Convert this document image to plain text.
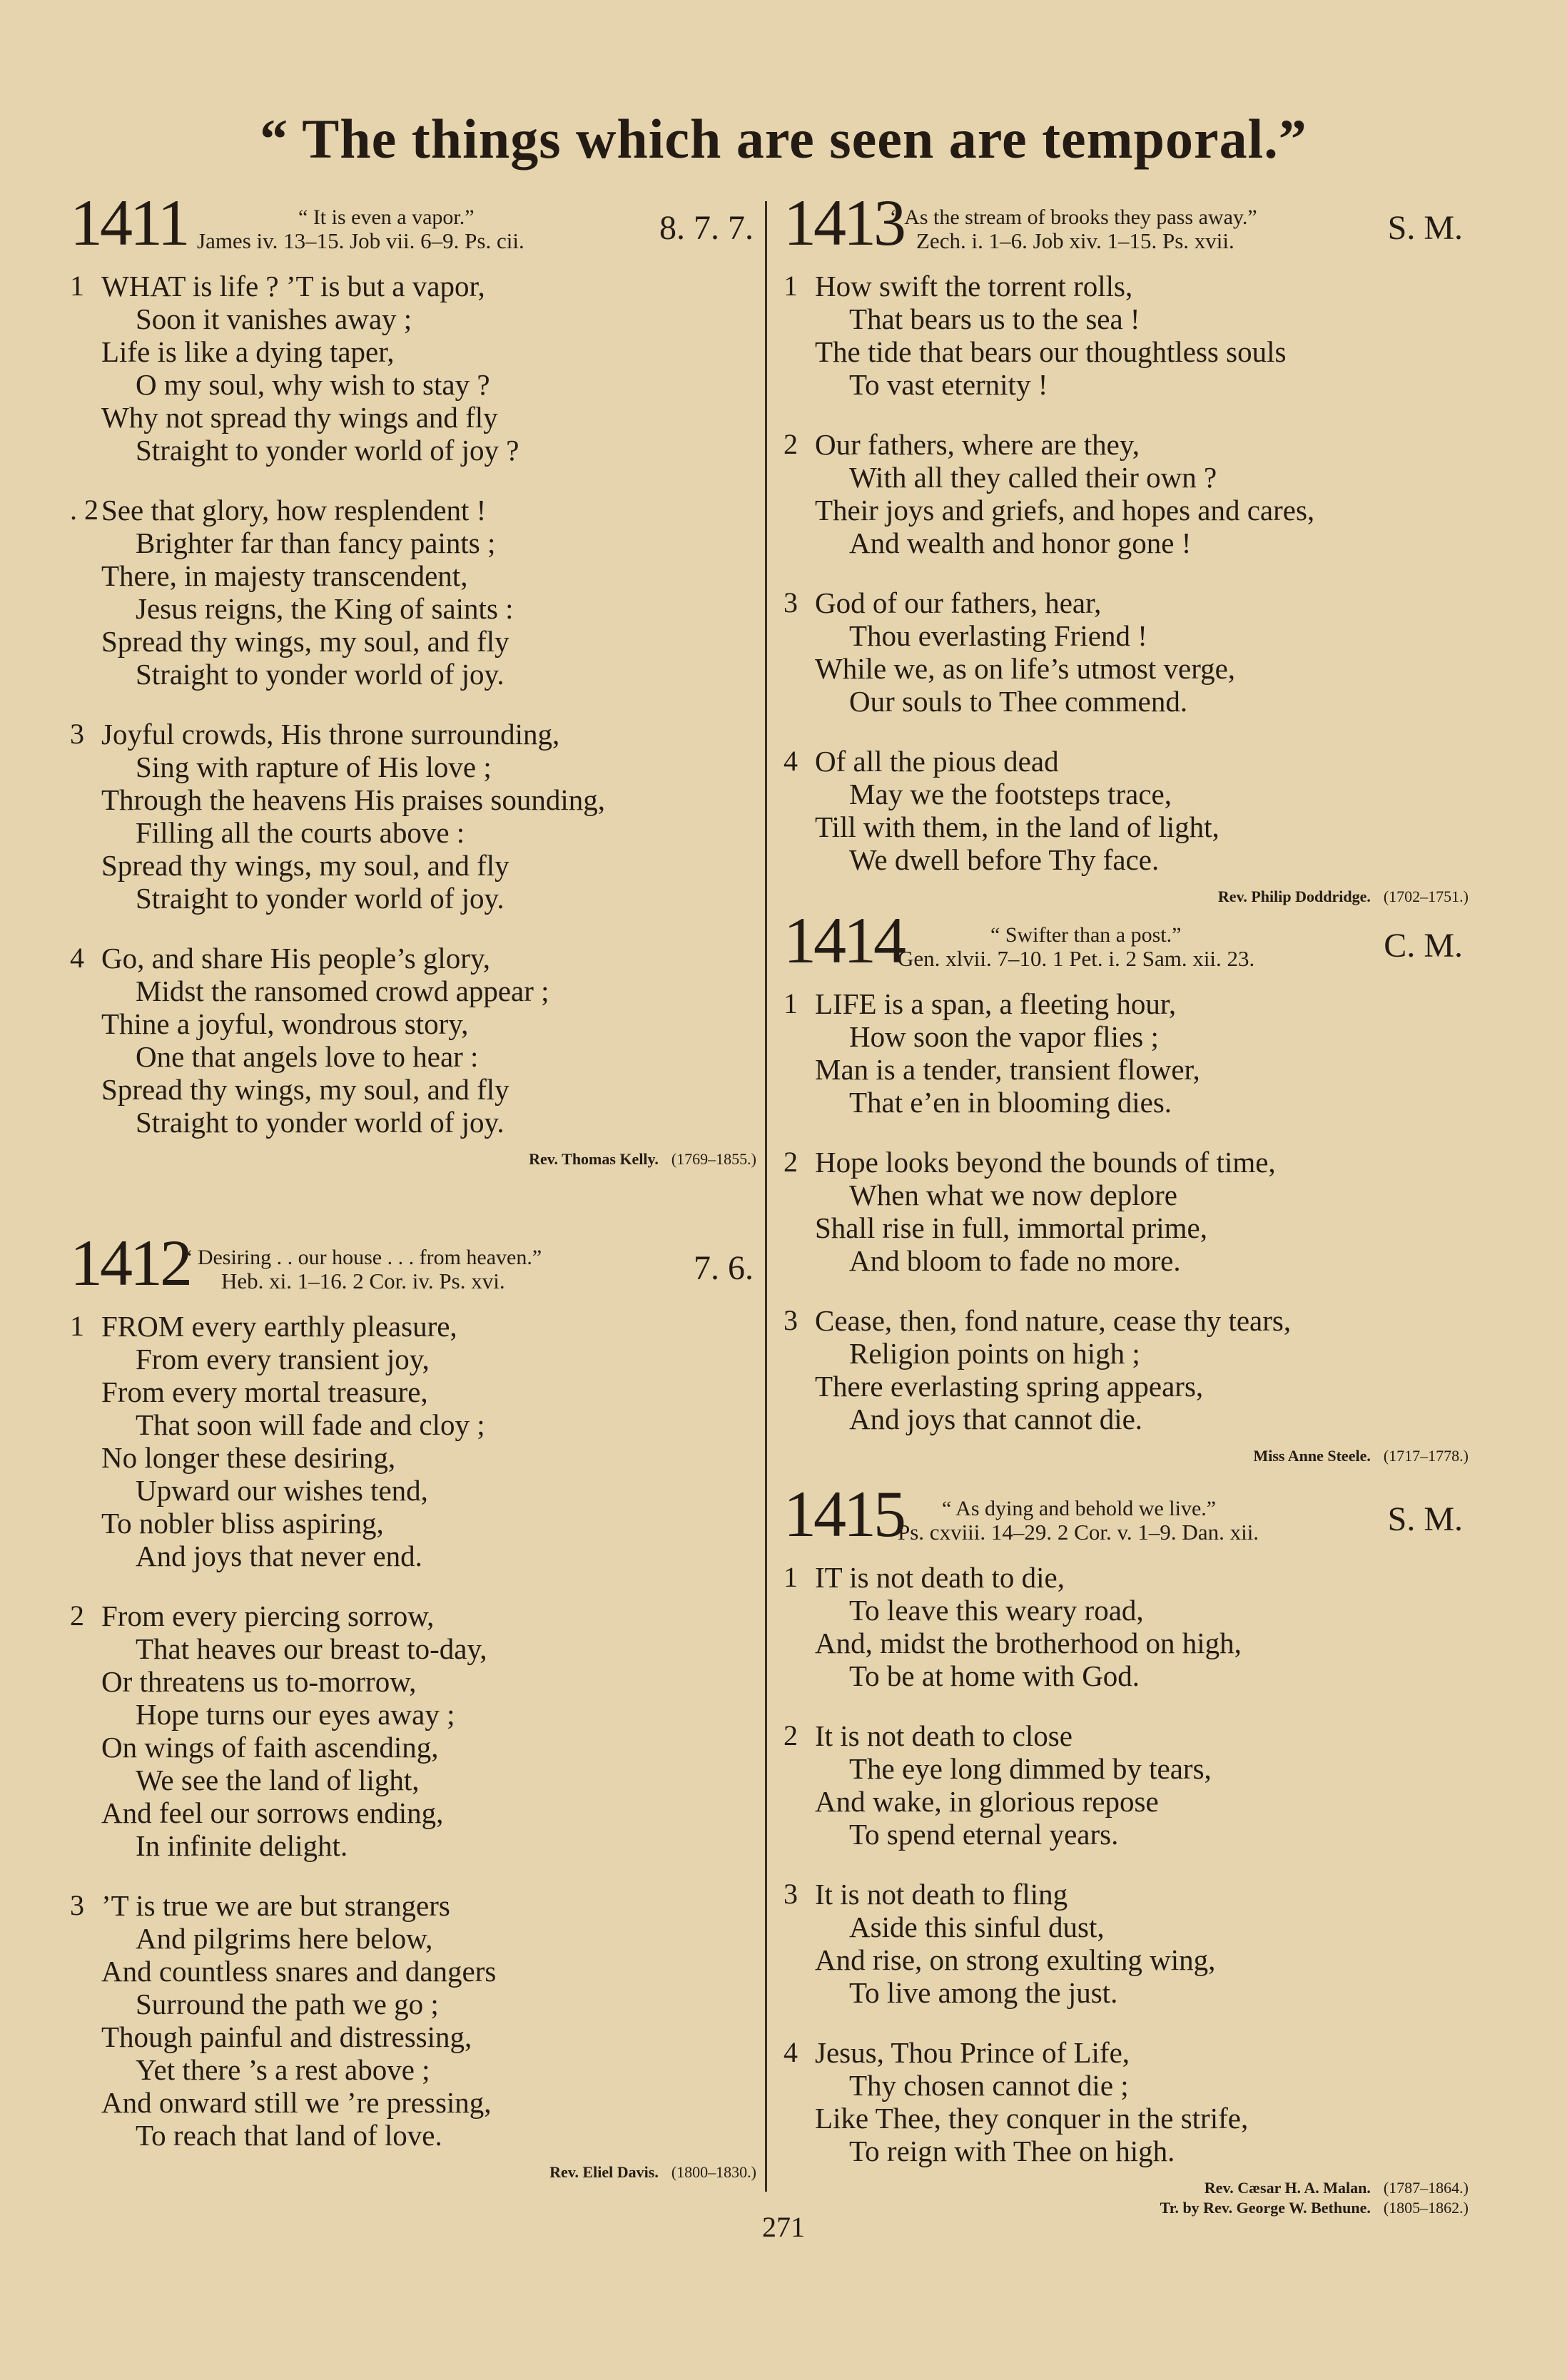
“ The things which are seen are temporal.”
1411	“ It is even a vapor.”
James iv. 13–15. Job vii. 6–9. Ps. cii.	8. 7. 7.
1 WHAT is life ? ’T is but a vapor,
Soon it vanishes away ;
Life is like a dying taper,
O my soul, why wish to stay ?
Why not spread thy wings and fly
Straight to yonder world of joy ?
. 2 See that glory, how resplendent !
Brighter far than fancy paints ;
There, in majesty transcendent,
Jesus reigns, the King of saints :
Spread thy wings, my soul, and fly
Straight to yonder world of joy.
3 Joyful crowds, His throne surrounding,
Sing with rapture of His love ;
Through the heavens His praises sounding,
Filling all the courts above :
Spread thy wings, my soul, and fly
Straight to yonder world of joy.
4 Go, and share His people’s glory,
Midst the ransomed crowd appear ;
Thine a joyful, wondrous story,
One that angels love to hear :
Spread thy wings, my soul, and fly
Straight to yonder world of joy.
Rev. Thomas Kelly. (1769–1855.)
1412
“ Desiring . . our house . . . from heaven.”
Heb. xi. 1–16. 2 Cor. iv. Ps. xvi.	7. 6.
1 FROM every earthly pleasure,
From every transient joy,
From every mortal treasure,
That soon will fade and cloy ;
No longer these desiring,
Upward our wishes tend,
To nobler bliss aspiring,
And joys that never end.
2 From every piercing sorrow,
That heaves our breast to-day,
Or threatens us to-morrow,
Hope turns our eyes away ;
On wings of faith ascending,
We see the land of light,
And feel our sorrows ending,
In infinite delight.
3 ’T is true we are but strangers
And pilgrims here below,
And countless snares and dangers
Surround the path we go ;
Though painful and distressing,
Yet there ’s a rest above ;
And onward still we ’re pressing,
To reach that land of love.
Rev. Eliel Davis. (1800–1830.)
1413
“ As the stream of brooks they pass away.”
Zech. i. 1–6. Job xiv. 1–15. Ps. xvii.	S. M.
1 How swift the torrent rolls,
That bears us to the sea !
The tide that bears our thoughtless souls
To vast eternity !
2 Our fathers, where are they,
With all they called their own ?
Their joys and griefs, and hopes and cares,
And wealth and honor gone !
3 God of our fathers, hear,
Thou everlasting Friend !
While we, as on life’s utmost verge,
Our souls to Thee commend.
4 Of all the pious dead
May we the footsteps trace,
Till with them, in the land of light,
We dwell before Thy face.
Rev. Philip Doddridge. (1702–1751.)
1414	“ Swifter than a post.”
Gen. xlvii. 7–10. 1 Pet. i. 2 Sam. xii. 23.	C. M.
1 LIFE is a span, a fleeting hour,
How soon the vapor flies ;
Man is a tender, transient flower,
That e’en in blooming dies.
2 Hope looks beyond the bounds of time,
When what we now deplore
Shall rise in full, immortal prime,
And bloom to fade no more.
3 Cease, then, fond nature, cease thy tears,
Religion points on high ;
There everlasting spring appears,
And joys that cannot die.
Miss Anne Steele. (1717–1778.)
1415 “ As dying and behold we live.”
Ps. cxviii. 14–29. 2 Cor. v. 1–9. Dan. xii.	S. M.
1 IT is not death to die,
To leave this weary road,
And, midst the brotherhood on high,
To be at home with God.
2 It is not death to close
The eye long dimmed by tears,
And wake, in glorious repose
To spend eternal years.
3 It is not death to fling
Aside this sinful dust,
And rise, on strong exulting wing,
To live among the just.
4 Jesus, Thou Prince of Life,
Thy chosen cannot die ;
Like Thee, they conquer in the strife,
To reign with Thee on high.
Rev. Cæsar H. A. Malan. (1787–1864.)
Tr. by Rev. George W. Bethune. (1805–1862.)
271
